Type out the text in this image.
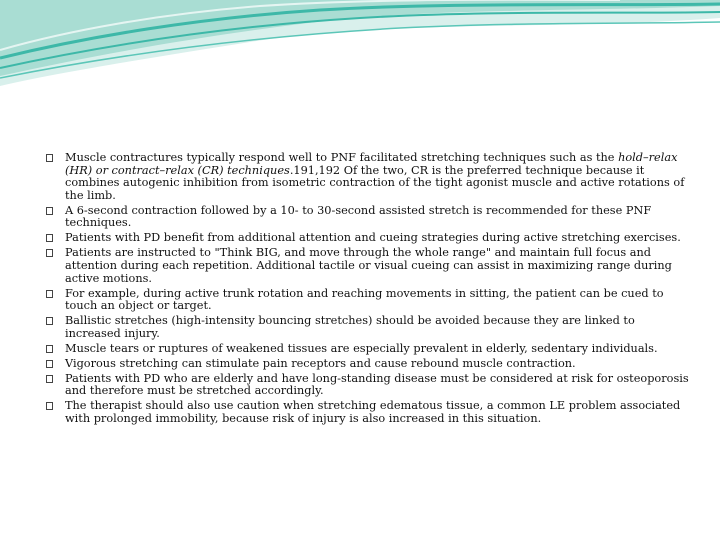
Muscle contractures typically respond well to PNF facilitated stretching techniques such as the hold–relax (HR) or contract–relax (CR) techniques.191,192 Of the two, CR is the preferred technique because it combines autogenic inhibition from isometric contraction of the tight agonist muscle and active rotations of the limb.
A 6-second contraction followed by a 10- to 30-second assisted stretch is recommended for these PNF techniques.
Patients with PD benefit from additional attention and cueing strategies during active stretching exercises.
Patients are instructed to "Think BIG, and move through the whole range" and maintain full focus and attention during each repetition. Additional tactile or visual cueing can assist in maximizing range during active motions.
For example, during active trunk rotation and reaching movements in sitting, the patient can be cued to touch an object or target.
Ballistic stretches (high-intensity bouncing stretches) should be avoided because they are linked to increased injury.
Muscle tears or ruptures of weakened tissues are especially prevalent in elderly, sedentary individuals.
Vigorous stretching can stimulate pain receptors and cause rebound muscle contraction.
Patients with PD who are elderly and have long-standing disease must be considered at risk for osteoporosis and therefore must be stretched accordingly.
The therapist should also use caution when stretching edematous tissue, a common LE problem associated with prolonged immobility, because risk of injury is also increased in this situation.
